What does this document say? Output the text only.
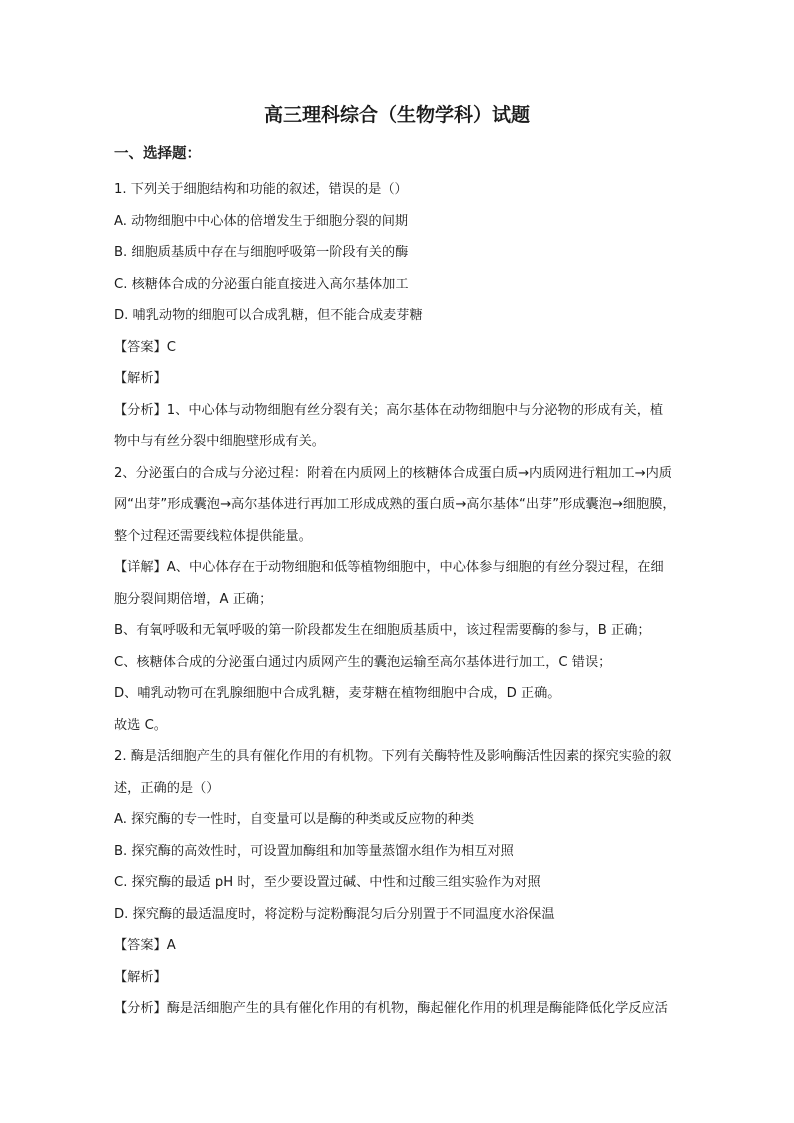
高三理科综合（生物学科）试题
一、选择题：

1. 下列关于细胞结构和功能的叙述，错误的是（）

A. 动物细胞中中心体的倍增发生于细胞分裂的间期

B. 细胞质基质中存在与细胞呼吸第一阶段有关的酶

C. 核糖体合成的分泌蛋白能直接进入高尔基体加工

D. 哺乳动物的细胞可以合成乳糖，但不能合成麦芽糖

【答案】C

【解析】

【分析】1、中心体与动物细胞有丝分裂有关；高尔基体在动物细胞中与分泌物的形成有关，植

物中与有丝分裂中细胞壁形成有关。

2、分泌蛋白的合成与分泌过程：附着在内质网上的核糖体合成蛋白质→内质网进行粗加工→内质

网“出芽”形成囊泡→高尔基体进行再加工形成成熟的蛋白质→高尔基体“出芽”形成囊泡→细胞膜，

整个过程还需要线粒体提供能量。

【详解】A、中心体存在于动物细胞和低等植物细胞中，中心体参与细胞的有丝分裂过程，在细

胞分裂间期倍增，A 正确；

B、有氧呼吸和无氧呼吸的第一阶段都发生在细胞质基质中，该过程需要酶的参与，B 正确；

C、核糖体合成的分泌蛋白通过内质网产生的囊泡运输至高尔基体进行加工，C 错误；

D、哺乳动物可在乳腺细胞中合成乳糖，麦芽糖在植物细胞中合成，D 正确。

故选 C。

2. 酶是活细胞产生的具有催化作用的有机物。下列有关酶特性及影响酶活性因素的探究实验的叙

述，正确的是（）

A. 探究酶的专一性时，自变量可以是酶的种类或反应物的种类

B. 探究酶的高效性时，可设置加酶组和加等量蒸馏水组作为相互对照

C. 探究酶的最适 pH 时，至少要设置过碱、中性和过酸三组实验作为对照

D. 探究酶的最适温度时，将淀粉与淀粉酶混匀后分别置于不同温度水浴保温

【答案】A

【解析】

【分析】酶是活细胞产生的具有催化作用的有机物，酶起催化作用的机理是酶能降低化学反应活
